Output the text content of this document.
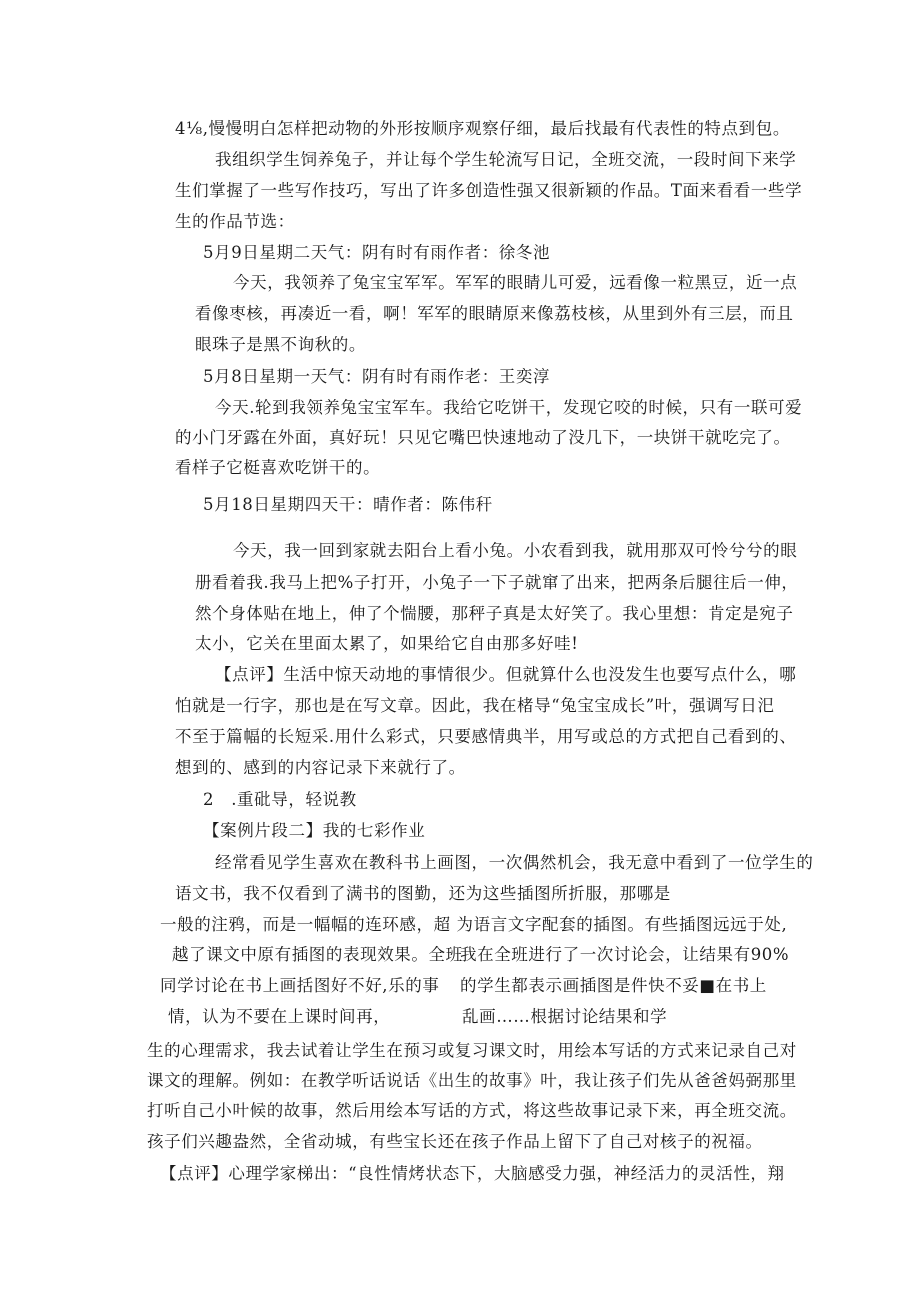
4⅛,慢慢明白怎样把动物的外形按顺序观察仔细，最后找最有代表性的特点到包。
我组织学生饲养兔子，并让每个学生轮流写日记，全班交流，一段时间下来学
生们掌握了一些写作技巧，写出了许多创造性强又很新颖的作品。T面来看看一些学
生的作品节选：
5月9日星期二天气：阴有时有雨作者：徐冬池
今天，我领养了兔宝宝军军。军军的眼睛儿可爱，远看像一粒黑豆，近一点
看像枣核，再凑近一看，啊！军军的眼睛原来像荔枝核，从里到外有三层，而且
眼珠子是黑不询秋的。
5月8日星期一天气：阴有时有雨作老：王奕淳
今天.轮到我领养兔宝宝军车。我给它吃饼干，发现它咬的时候，只有一联可爱
的小门牙露在外面，真好玩！只见它嘴巴快速地动了没几下，一块饼干就吃完了。
看样子它梃喜欢吃饼干的。
5月18日星期四天干：晴作者：陈伟秆
今天，我一回到家就去阳台上看小兔。小农看到我，就用那双可怜兮兮的眼
册看着我.我马上把%子打开，小兔子一下子就窜了出来，把两条后腿往后一伸，
然个身体贴在地上，伸了个惴腰，那秤子真是太好笑了。我心里想：肯定是宛子
太小，它关在里面太累了，如果给它自由那多好哇!
【点评】生活中惊天动地的事情很少。但就算什么也没发生也要写点什么，哪
怕就是一行字，那也是在写文章。因此，我在楮导“兔宝宝成长”叶，强调写日汜
不至于篇幅的长短采.用什么彩式，只要感情典半，用写或总的方式把自己看到的、
想到的、感到的内容记录下来就行了。
2　.重砒导，轻说教
【案例片段二】我的七彩作业
经常看见学生喜欢在教科书上画图，一次偶然机会，我无意中看到了一位学生的
语文书，我不仅看到了满书的图勤，还为这些插图所折服，那哪是
一般的注鸦，而是一幅幅的连环感，超 为语言文字配套的插图。有些插图远远于处,
越了课文中原有插图的表现效果。全班
我在全班进行了一次讨论会，让结果有90%
同学讨论在书上画括图好不好,乐的事 的学生都表示画插图是件快不妥■在书上
情，认为不要在上课时间再，	乱画……根据讨论结果和学
生的心理需求，我去试着让学生在预习或复习课文时，用绘本写话的方式来记录自己对
课文的理解。例如：在教学听话说话《出生的故事》叶，我让孩子们先从爸爸妈弼那里
打听自己小叶候的故事，然后用绘本写话的方式，将这些故事记录下来，再全班交流。
孩子们兴趣盎然，全省动城，有些宝长还在孩子作品上留下了自己对核子的祝福。
【点评】心理学家梯出：“良性情烤状态下，大脑感受力强，神经活力的灵活性，翔
